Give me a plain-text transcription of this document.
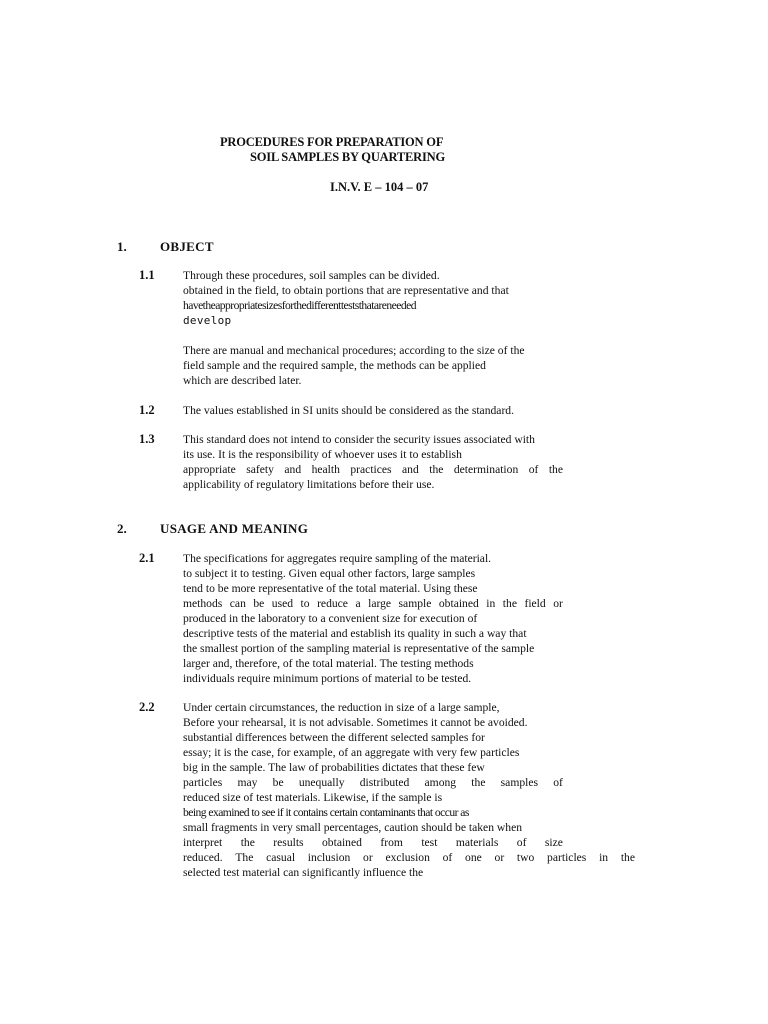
PROCEDURES FOR PREPARATION OF
SOIL SAMPLES BY QUARTERING
I.N.V. E – 104 – 07
1.	OBJECT
1.1 Through these procedures, soil samples can be divided.
obtained in the field, to obtain portions that are representative and that
havetheappropriatesizesforthedifferentteststhatareneeded
develop
There are manual and mechanical procedures; according to the size of the
field sample and the required sample, the methods can be applied
which are described later.
1.2 The values established in SI units should be considered as the standard.
1.3 This standard does not intend to consider the security issues associated with
its use. It is the responsibility of whoever uses it to establish
appropriate safety and health practices and the determination of the
applicability of regulatory limitations before their use.
2.	USAGE AND MEANING
2.1 The specifications for aggregates require sampling of the material.
to subject it to testing. Given equal other factors, large samples
tend to be more representative of the total material. Using these
methods can be used to reduce a large sample obtained in the field or
produced in the laboratory to a convenient size for execution of
descriptive tests of the material and establish its quality in such a way that
the smallest portion of the sampling material is representative of the sample
larger and, therefore, of the total material. The testing methods
individuals require minimum portions of material to be tested.
2.2 Under certain circumstances, the reduction in size of a large sample,
Before your rehearsal, it is not advisable. Sometimes it cannot be avoided.
substantial differences between the different selected samples for
essay; it is the case, for example, of an aggregate with very few particles
big in the sample. The law of probabilities dictates that these few
particles may be unequally distributed among the samples of
reduced size of test materials. Likewise, if the sample is
being examined to see if it contains certain contaminants that occur as
small fragments in very small percentages, caution should be taken when
interpret the results obtained from test materials of size
reduced. The casual inclusion or exclusion of one or two particles in the
selected test material can significantly influence the
